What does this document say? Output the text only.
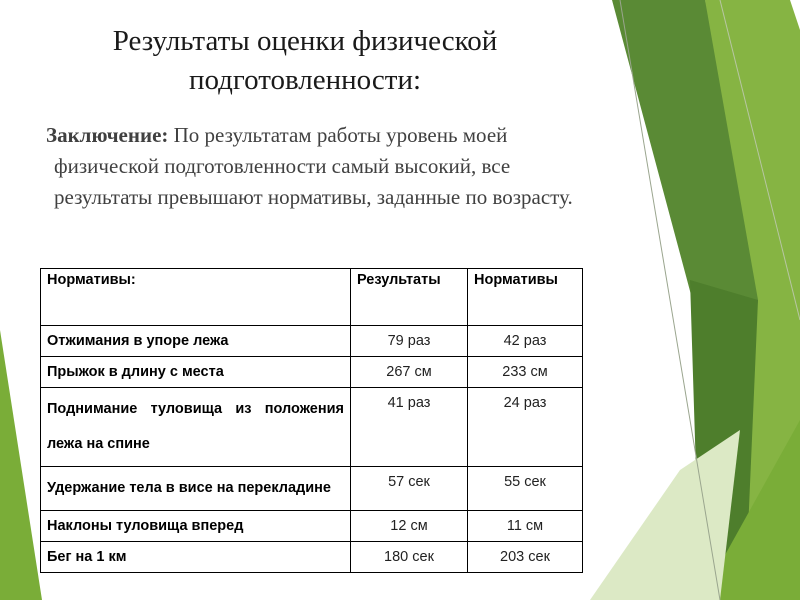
Результаты оценки физической
подготовленности:

Заключение: По результатам работы уровень моей физической подготовленности самый высокий, все результаты превышают нормативы, заданные по возрасту.

Нормативы:	Результаты	Нормативы
Отжимания в упоре лежа	79 раз	42 раз
Прыжок в длину с места	267 см	233 см
Поднимание туловища из положения лежа на спине	41 раз	24 раз
Удержание тела в висе на перекладине	57 сек	55 сек
Наклоны туловища вперед	12 см	11 см
Бег на 1 км	180 сек	203 сек
